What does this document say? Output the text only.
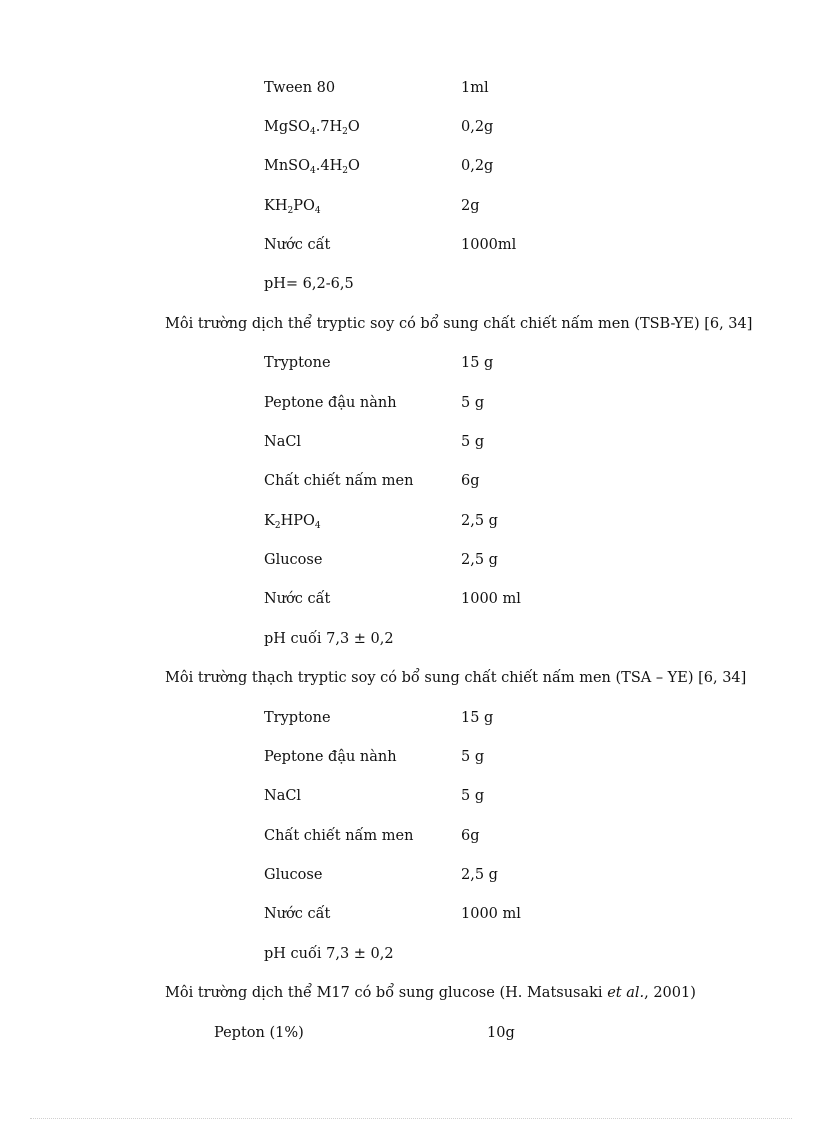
Tween 80	1ml
$MgSO_4.7H_2O$	0,2g
$MnSO_4.4H_2O$	0,2g
$KH_2PO_4$	2g
Nước cất	1000ml
pH= 6,2-6,5
Môi trường dịch thể tryptic soy có bổ sung chất chiết nấm men (TSB-YE) [6, 34]
Tryptone	15 g
Peptone đậu nành	5 g
NaCl	5 g
Chất chiết nấm men	6g
$K_2HPO_4$	2,5 g
Glucose	2,5 g
Nước cất	1000 ml
pH cuối 7,3 ± 0,2
Môi trường thạch tryptic soy có bổ sung chất chiết nấm men (TSA – YE) [6, 34]
Tryptone	15 g
Peptone đậu nành	5 g
NaCl	5 g
Chất chiết nấm men	6g
Glucose	2,5 g
Nước cất	1000 ml
pH cuối 7,3 ± 0,2
Môi trường dịch thể M17 có bổ sung glucose (H. Matsusaki et al., 2001)
Pepton (1%)	10g
